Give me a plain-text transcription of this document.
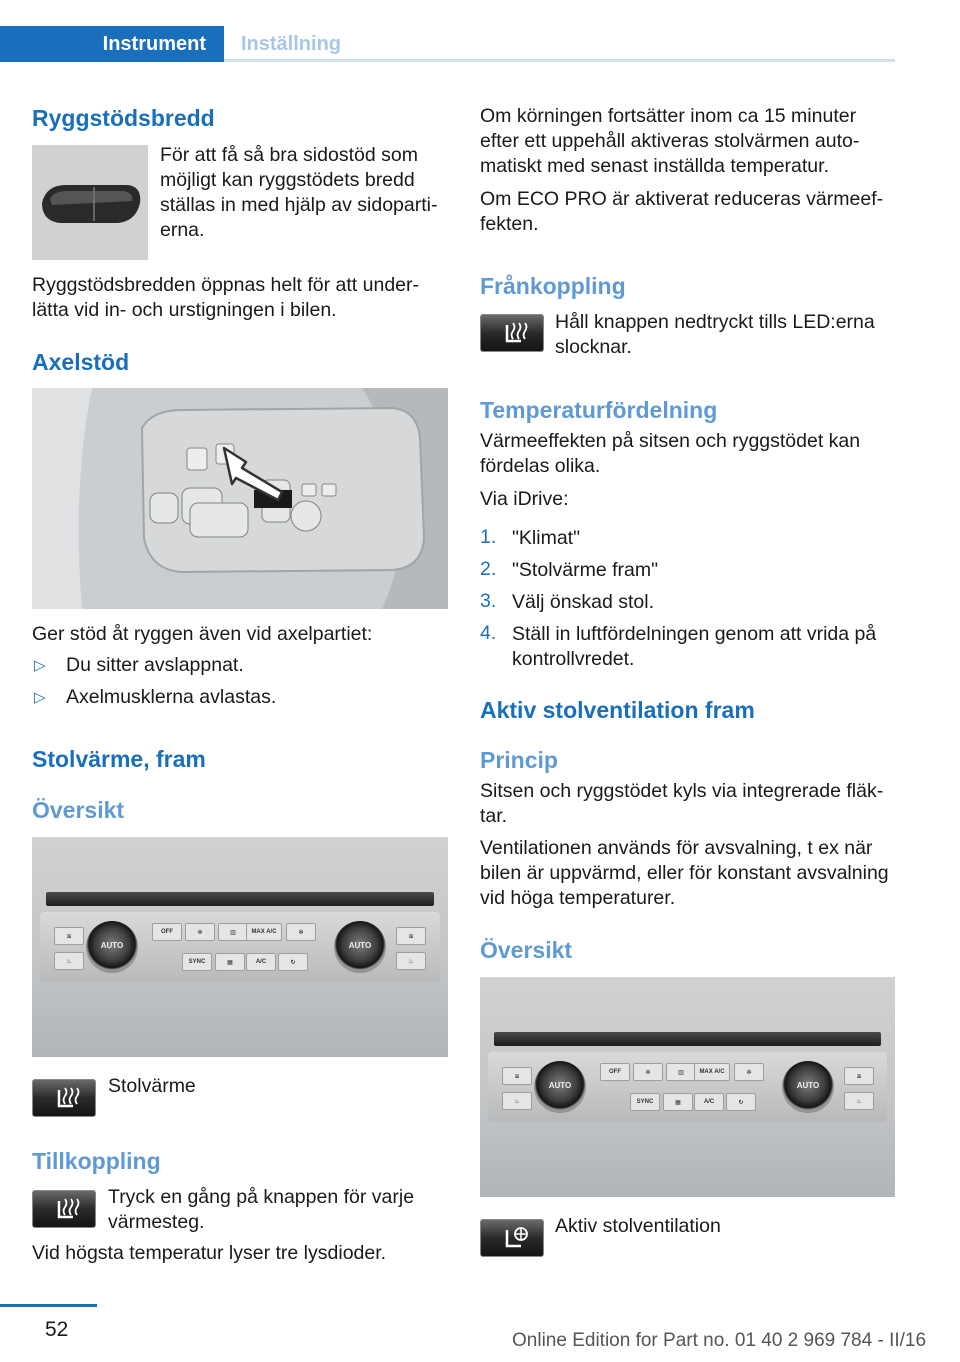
Instrument	Inställning
Ryggstödsbredd

För att få så bra sidostöd som möjligt kan ryggstödets bredd ställas in med hjälp av sidopartierna.

Ryggstödsbredden öppnas helt för att underlätta vid in- och urstigningen i bilen.

Axelstöd

Ger stöd åt ryggen även vid axelpartiet:

▷ Du sitter avslappnat.

▷ Axelmusklerna avlastas.

Stolvärme, fram
Översikt
AUTO	AUTO
≋
♨
OFF	✻	▥	MAX A/C	✻
SYNC	▦	A/C	↻
≋
♨

Stolvärme

Tillkoppling

Tryck en gång på knappen för varje värmesteg.

Vid högsta temperatur lyser tre lysdioder.

Om körningen fortsätter inom ca 15 minuter efter ett uppehåll aktiveras stolvärmen automatiskt med senast inställda temperatur.

Om ECO PRO är aktiverat reduceras värmeeffekten.

Frånkoppling

Håll knappen nedtryckt tills LED:erna slocknar.

Temperaturfördelning

Värmeeffekten på sitsen och ryggstödet kan fördelas olika.

Via iDrive:

1. "Klimat"

2. "Stolvärme fram"

3. Välj önskad stol.

4. Ställ in luftfördelningen genom att vrida på kontrollvredet.

Aktiv stolventilation fram
Princip

Sitsen och ryggstödet kyls via integrerade fläktar.

Ventilationen används för avsvalning, t ex när bilen är uppvärmd, eller för konstant avsvalning vid höga temperaturer.

Översikt
AUTO	AUTO
≋
♨
OFF	✻	▥	MAX A/C	✻
SYNC	▦	A/C	↻
≋
♨

Aktiv stolventilation

52	Online Edition for Part no. 01 40 2 969 784 - II/16
